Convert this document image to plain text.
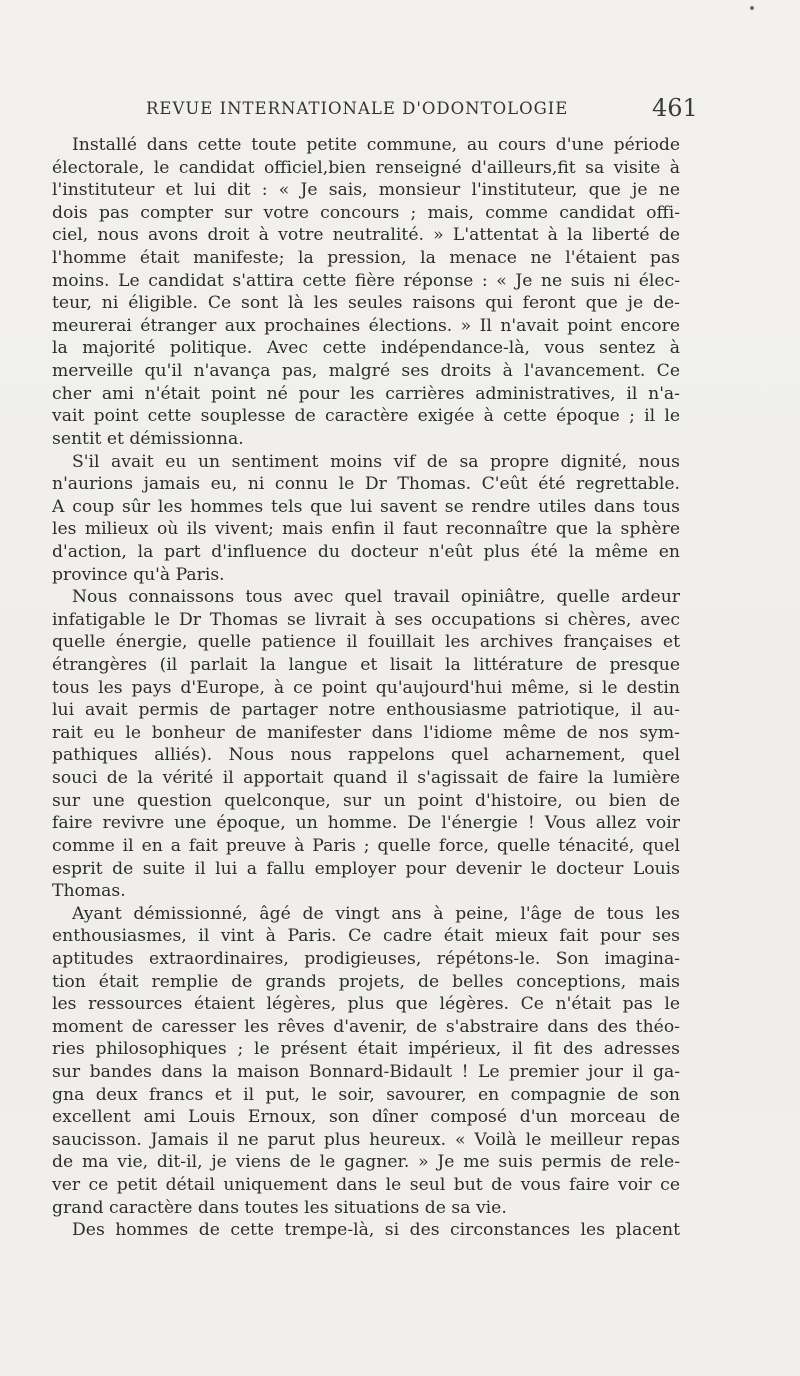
REVUE INTERNATIONALE D'ODONTOLOGIE	461
Installé dans cette toute petite commune, au cours d'une période
électorale, le candidat officiel,bien renseigné d'ailleurs,fit sa visite à
l'instituteur et lui dit : « Je sais, monsieur l'instituteur, que je ne
dois pas compter sur votre concours ; mais, comme candidat offi-
ciel, nous avons droit à votre neutralité. » L'attentat à la liberté de
l'homme était manifeste; la pression, la menace ne l'étaient pas
moins. Le candidat s'attira cette fière réponse : « Je ne suis ni élec-
teur, ni éligible. Ce sont là les seules raisons qui feront que je de-
meurerai étranger aux prochaines élections. » Il n'avait point encore
la majorité politique. Avec cette indépendance-là, vous sentez à
merveille qu'il n'avança pas, malgré ses droits à l'avancement. Ce
cher ami n'était point né pour les carrières administratives, il n'a-
vait point cette souplesse de caractère exigée à cette époque ; il le
sentit et démissionna.
S'il avait eu un sentiment moins vif de sa propre dignité, nous
n'aurions jamais eu, ni connu le Dr Thomas. C'eût été regrettable.
A coup sûr les hommes tels que lui savent se rendre utiles dans tous
les milieux où ils vivent; mais enfin il faut reconnaître que la sphère
d'action, la part d'influence du docteur n'eût plus été la même en
province qu'à Paris.
Nous connaissons tous avec quel travail opiniâtre, quelle ardeur
infatigable le Dr Thomas se livrait à ses occupations si chères, avec
quelle énergie, quelle patience il fouillait les archives françaises et
étrangères (il parlait la langue et lisait la littérature de presque
tous les pays d'Europe, à ce point qu'aujourd'hui même, si le destin
lui avait permis de partager notre enthousiasme patriotique, il au-
rait eu le bonheur de manifester dans l'idiome même de nos sym-
pathiques alliés). Nous nous rappelons quel acharnement, quel
souci de la vérité il apportait quand il s'agissait de faire la lumière
sur une question quelconque, sur un point d'histoire, ou bien de
faire revivre une époque, un homme. De l'énergie ! Vous allez voir
comme il en a fait preuve à Paris ; quelle force, quelle ténacité, quel
esprit de suite il lui a fallu employer pour devenir le docteur Louis
Thomas.
Ayant démissionné, âgé de vingt ans à peine, l'âge de tous les
enthousiasmes, il vint à Paris. Ce cadre était mieux fait pour ses
aptitudes extraordinaires, prodigieuses, répétons-le. Son imagina-
tion était remplie de grands projets, de belles conceptions, mais
les ressources étaient légères, plus que légères. Ce n'était pas le
moment de caresser les rêves d'avenir, de s'abstraire dans des théo-
ries philosophiques ; le présent était impérieux, il fit des adresses
sur bandes dans la maison Bonnard-Bidault ! Le premier jour il ga-
gna deux francs et il put, le soir, savourer, en compagnie de son
excellent ami Louis Ernoux, son dîner composé d'un morceau de
saucisson. Jamais il ne parut plus heureux. « Voilà le meilleur repas
de ma vie, dit-il, je viens de le gagner. » Je me suis permis de rele-
ver ce petit détail uniquement dans le seul but de vous faire voir ce
grand caractère dans toutes les situations de sa vie.
Des hommes de cette trempe-là, si des circonstances les placent
